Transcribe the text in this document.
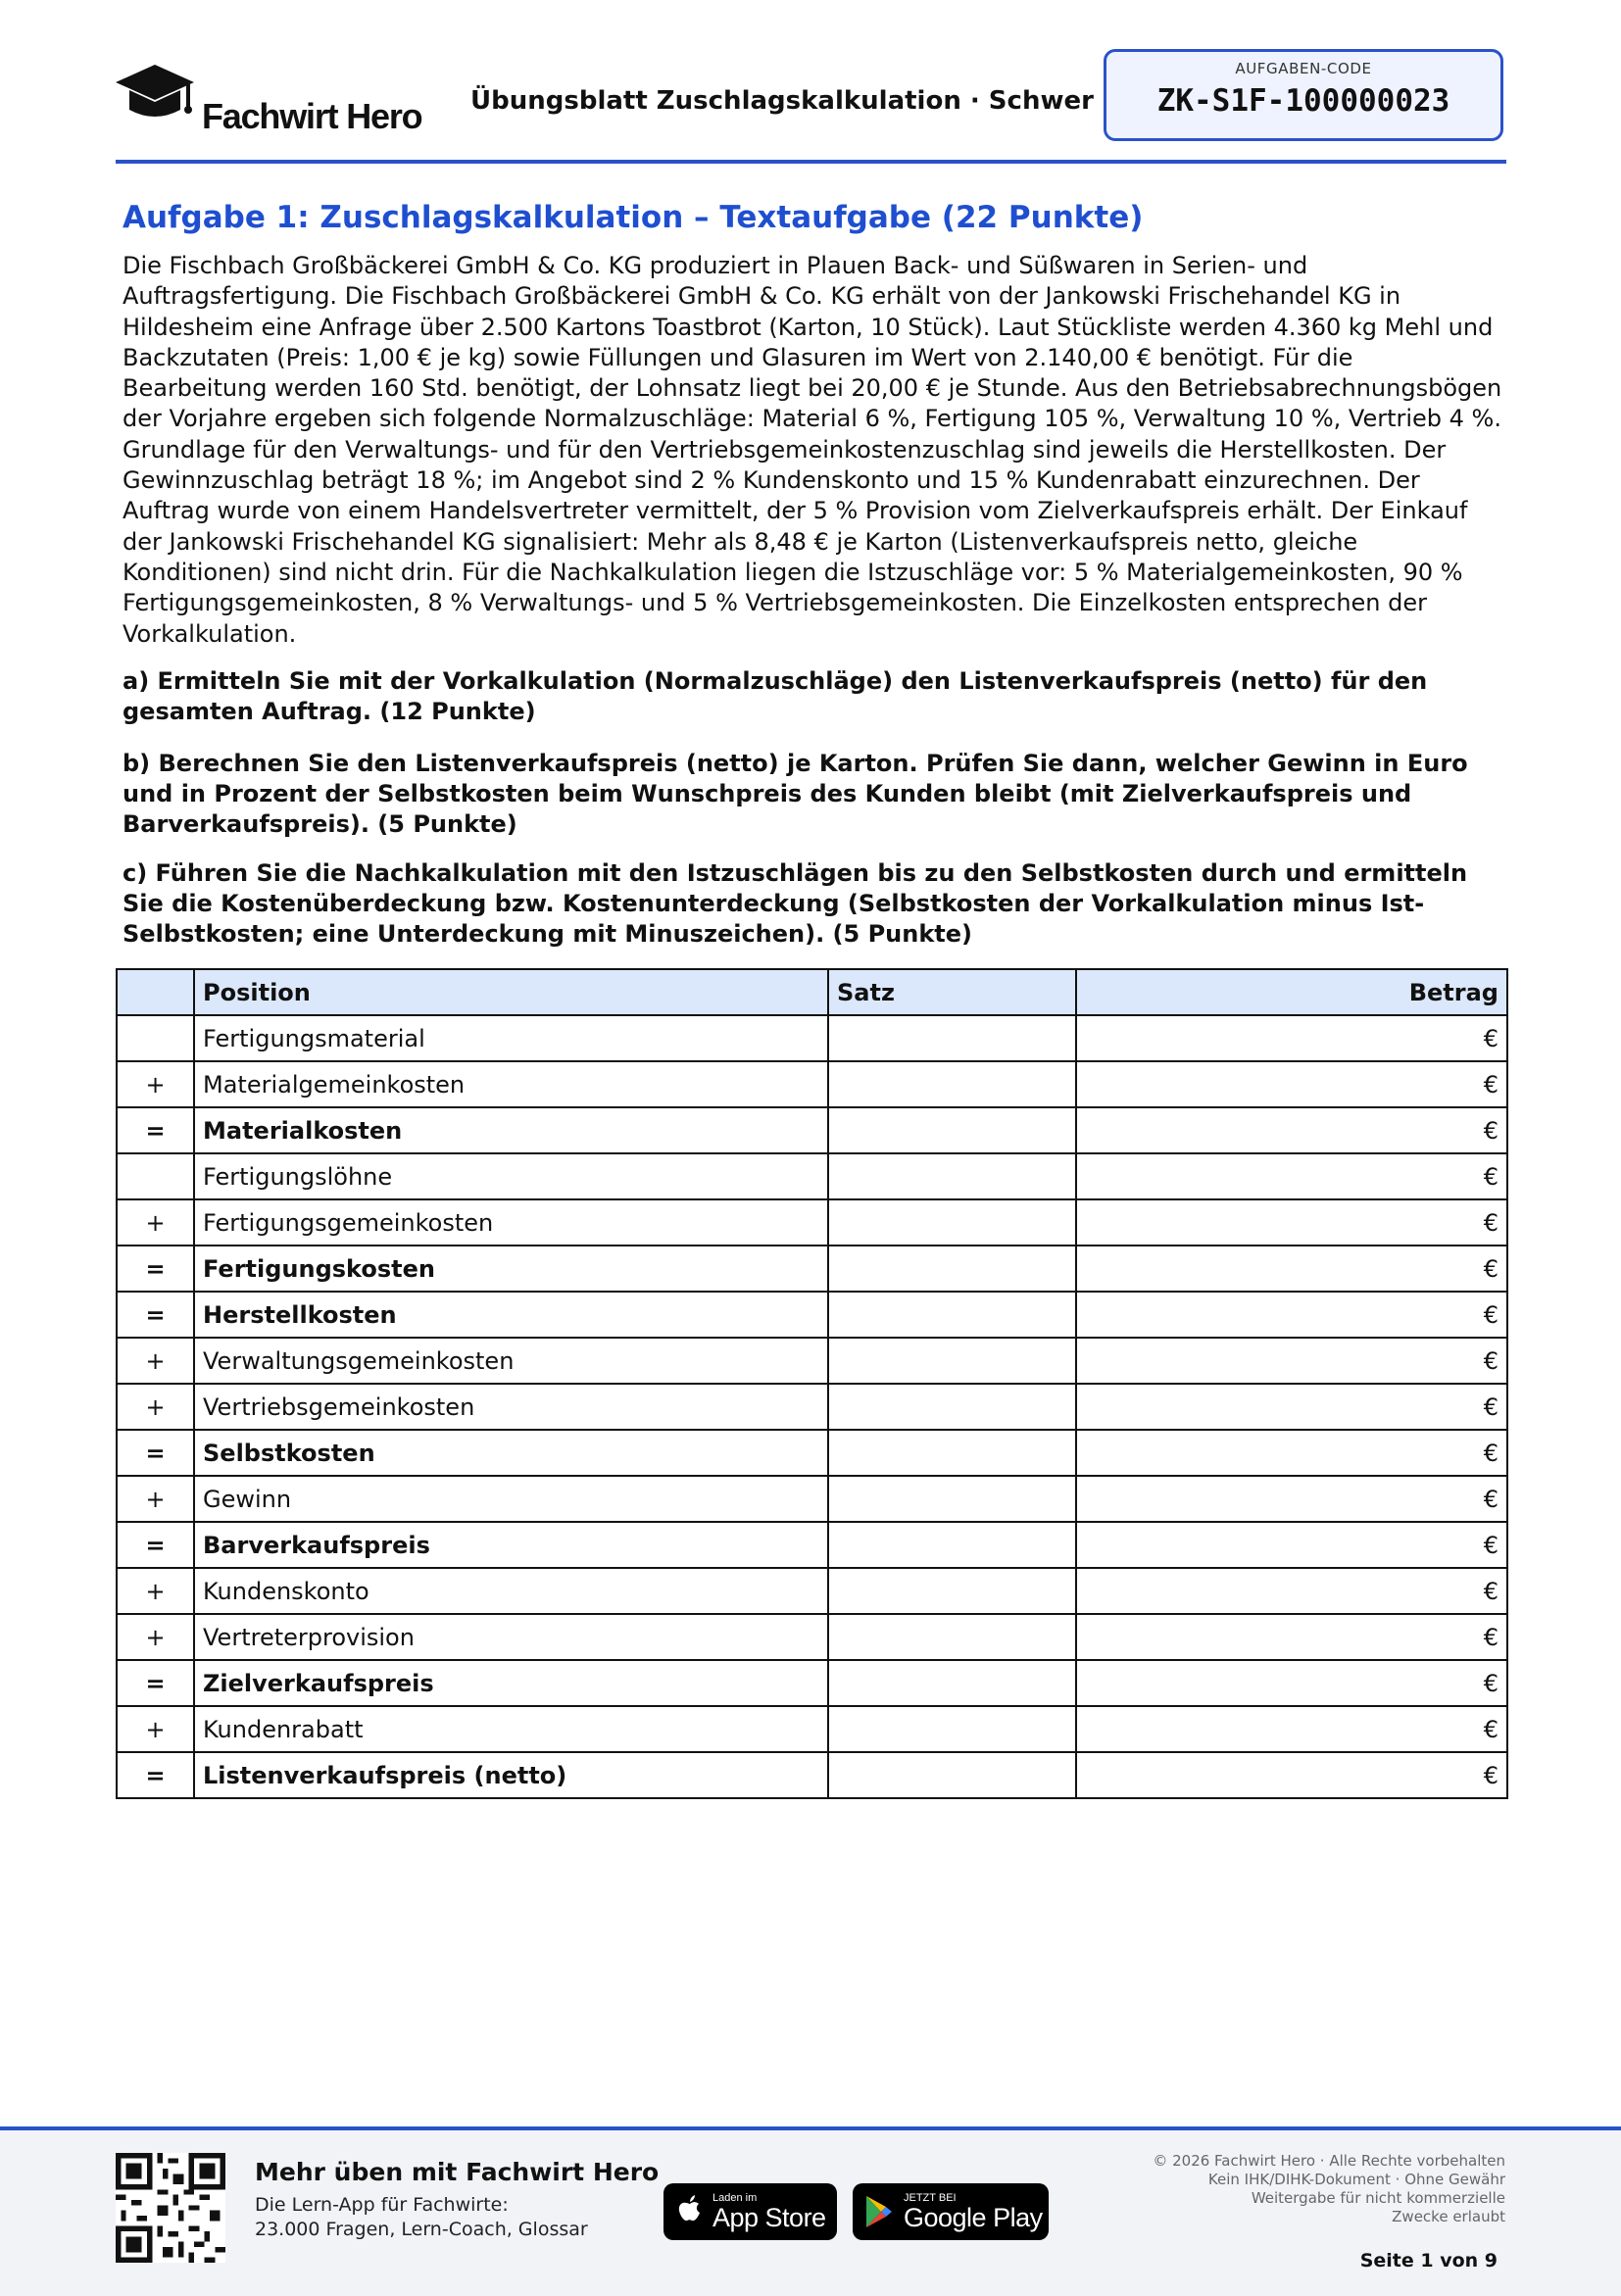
Fachwirt Hero Übungsblatt Zuschlagskalkulation · Schwer
AUFGABEN-CODE
ZK-S1F-100000023
Aufgabe 1: Zuschlagskalkulation – Textaufgabe (22 Punkte)
Die Fischbach Großbäckerei GmbH & Co. KG produziert in Plauen Back- und Süßwaren in Serien- und Auftragsfertigung. Die Fischbach Großbäckerei GmbH & Co. KG erhält von der Jankowski Frischehandel KG in Hildesheim eine Anfrage über 2.500 Kartons Toastbrot (Karton, 10 Stück). Laut Stückliste werden 4.360 kg Mehl und Backzutaten (Preis: 1,00 € je kg) sowie Füllungen und Glasuren im Wert von 2.140,00 € benötigt. Für die Bearbeitung werden 160 Std. benötigt, der Lohnsatz liegt bei 20,00 € je Stunde. Aus den Betriebsabrechnungsbögen der Vorjahre ergeben sich folgende Normalzuschläge: Material 6 %, Fertigung 105 %, Verwaltung 10 %, Vertrieb 4 %. Grundlage für den Verwaltungs- und für den Vertriebsgemeinkostenzuschlag sind jeweils die Herstellkosten. Der Gewinnzuschlag beträgt 18 %; im Angebot sind 2 % Kundenskonto und 15 % Kundenrabatt einzurechnen. Der Auftrag wurde von einem Handelsvertreter vermittelt, der 5 % Provision vom Zielverkaufspreis erhält. Der Einkauf der Jankowski Frischehandel KG signalisiert: Mehr als 8,48 € je Karton (Listenverkaufspreis netto, gleiche Konditionen) sind nicht drin. Für die Nachkalkulation liegen die Istzuschläge vor: 5 % Materialgemeinkosten, 90 % Fertigungsgemeinkosten, 8 % Verwaltungs- und 5 % Vertriebsgemeinkosten. Die Einzelkosten entsprechen der Vorkalkulation.
a) Ermitteln Sie mit der Vorkalkulation (Normalzuschläge) den Listenverkaufspreis (netto) für den gesamten Auftrag. (12 Punkte)
b) Berechnen Sie den Listenverkaufspreis (netto) je Karton. Prüfen Sie dann, welcher Gewinn in Euro und in Prozent der Selbstkosten beim Wunschpreis des Kunden bleibt (mit Zielverkaufspreis und Barverkaufspreis). (5 Punkte)
c) Führen Sie die Nachkalkulation mit den Istzuschlägen bis zu den Selbstkosten durch und ermitteln Sie die Kostenüberdeckung bzw. Kostenunterdeckung (Selbstkosten der Vorkalkulation minus Ist-Selbstkosten; eine Unterdeckung mit Minuszeichen). (5 Punkte)
	Position	Satz	Betrag
	Fertigungsmaterial		€
+	Materialgemeinkosten		€
=	Materialkosten		€
	Fertigungslöhne		€
+	Fertigungsgemeinkosten		€
=	Fertigungskosten		€
=	Herstellkosten		€
+	Verwaltungsgemeinkosten		€
+	Vertriebsgemeinkosten		€
=	Selbstkosten		€
+	Gewinn		€
=	Barverkaufspreis		€
+	Kundenskonto		€
+	Vertreterprovision		€
=	Zielverkaufspreis		€
+	Kundenrabatt		€
=	Listenverkaufspreis (netto)		€
Mehr üben mit Fachwirt Hero
Die Lern-App für Fachwirte:
23.000 Fragen, Lern-Coach, Glossar
Laden im
App Store
JETZT BEI
Google Play
© 2026 Fachwirt Hero · Alle Rechte vorbehalten
Kein IHK/DIHK-Dokument · Ohne Gewähr
Weitergabe für nicht kommerzielle
Zwecke erlaubt
Seite 1 von 9
